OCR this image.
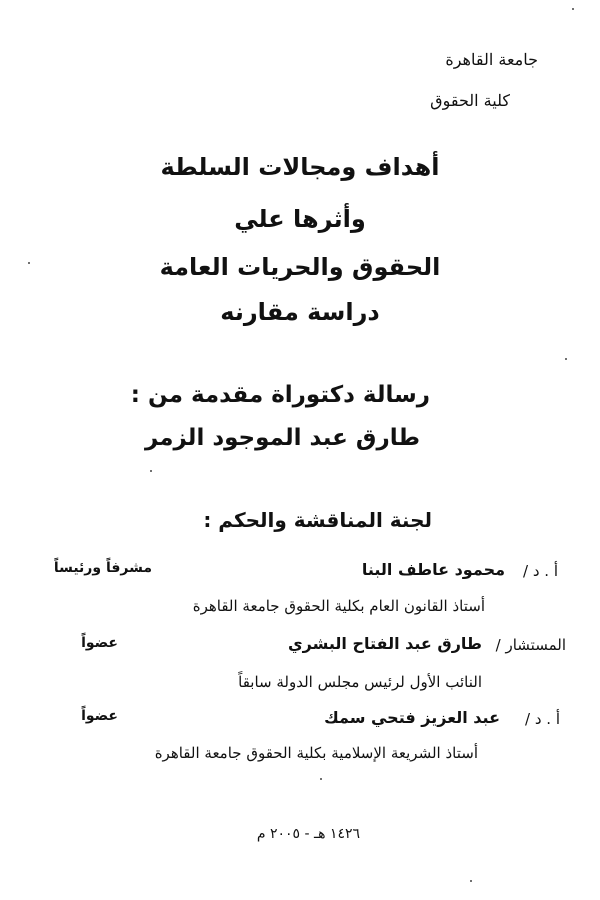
جامعة القاهرة
كلية الحقوق
أهداف ومجالات السلطة
وأثرها علي
الحقوق والحريات العامة
دراسة مقارنه
رسالة دكتوراة مقدمة من :
طارق عبد الموجود الزمر
لجنة المناقشة والحكم :
أ . د /
محمود عاطف البنا
مشرفاً ورئيساً
أستاذ القانون العام بكلية الحقوق جامعة القاهرة
المستشار /
طارق عبد الفتاح البشري
عضواً
النائب الأول لرئيس مجلس الدولة سابقاً
أ . د /
عبد العزيز فتحي سمك
عضواً
أستاذ الشريعة الإسلامية بكلية الحقوق جامعة القاهرة
١٤٢٦ هـ - ٢٠٠٥ م
